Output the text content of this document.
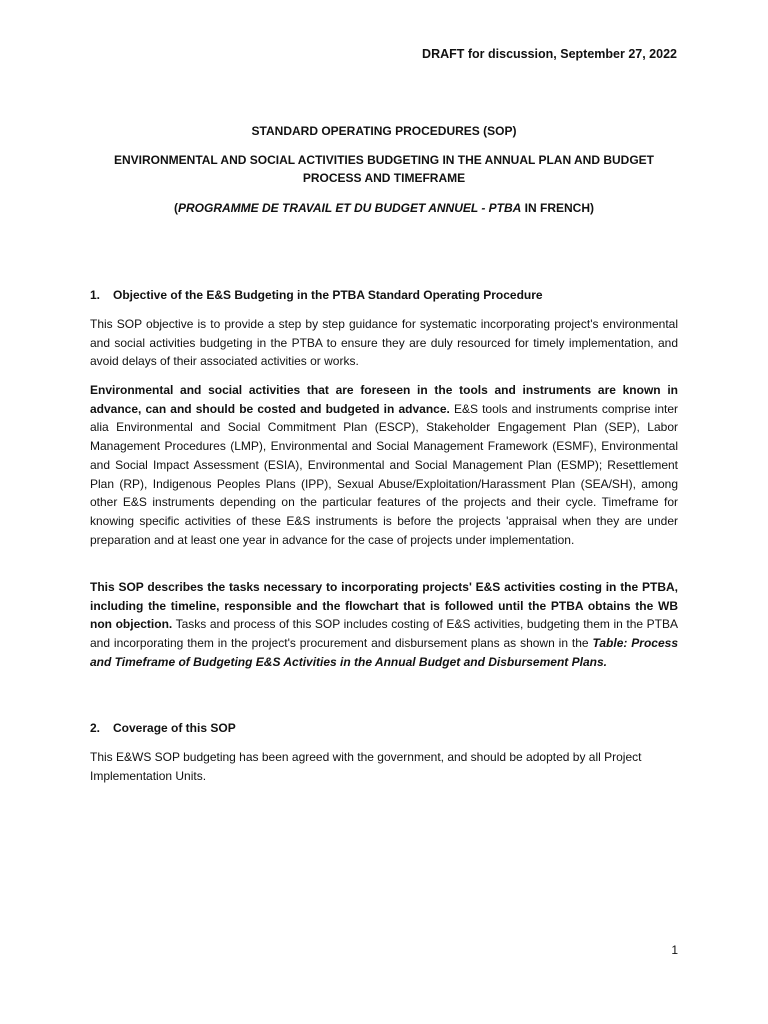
DRAFT for discussion, September 27, 2022
STANDARD OPERATING PROCEDURES (SOP)
ENVIRONMENTAL AND SOCIAL ACTIVITIES BUDGETING IN THE ANNUAL PLAN AND BUDGET PROCESS AND TIMEFRAME
(PROGRAMME DE TRAVAIL ET DU BUDGET ANNUEL - PTBA IN FRENCH)
1. Objective of the E&S Budgeting in the PTBA Standard Operating Procedure

This SOP objective is to provide a step by step guidance for systematic incorporating project's environmental and social activities budgeting in the PTBA to ensure they are duly resourced for timely implementation, and avoid delays of their associated activities or works.

Environmental and social activities that are foreseen in the tools and instruments are known in advance, can and should be costed and budgeted in advance. E&S tools and instruments comprise inter alia Environmental and Social Commitment Plan (ESCP), Stakeholder Engagement Plan (SEP), Labor Management Procedures (LMP), Environmental and Social Management Framework (ESMF), Environmental and Social Impact Assessment (ESIA), Environmental and Social Management Plan (ESMP); Resettlement Plan (RP), Indigenous Peoples Plans (IPP), Sexual Abuse/Exploitation/Harassment Plan (SEA/SH), among other E&S instruments depending on the particular features of the projects and their cycle. Timeframe for knowing specific activities of these E&S instruments is before the projects 'appraisal when they are under preparation and at least one year in advance for the case of projects under implementation.

This SOP describes the tasks necessary to incorporating projects' E&S activities costing in the PTBA, including the timeline, responsible and the flowchart that is followed until the PTBA obtains the WB non objection. Tasks and process of this SOP includes costing of E&S activities, budgeting them in the PTBA and incorporating them in the project's procurement and disbursement plans as shown in the Table: Process and Timeframe of Budgeting E&S Activities in the Annual Budget and Disbursement Plans.

2. Coverage of this SOP

This E&WS SOP budgeting has been agreed with the government, and should be adopted by all Project Implementation Units.

1
